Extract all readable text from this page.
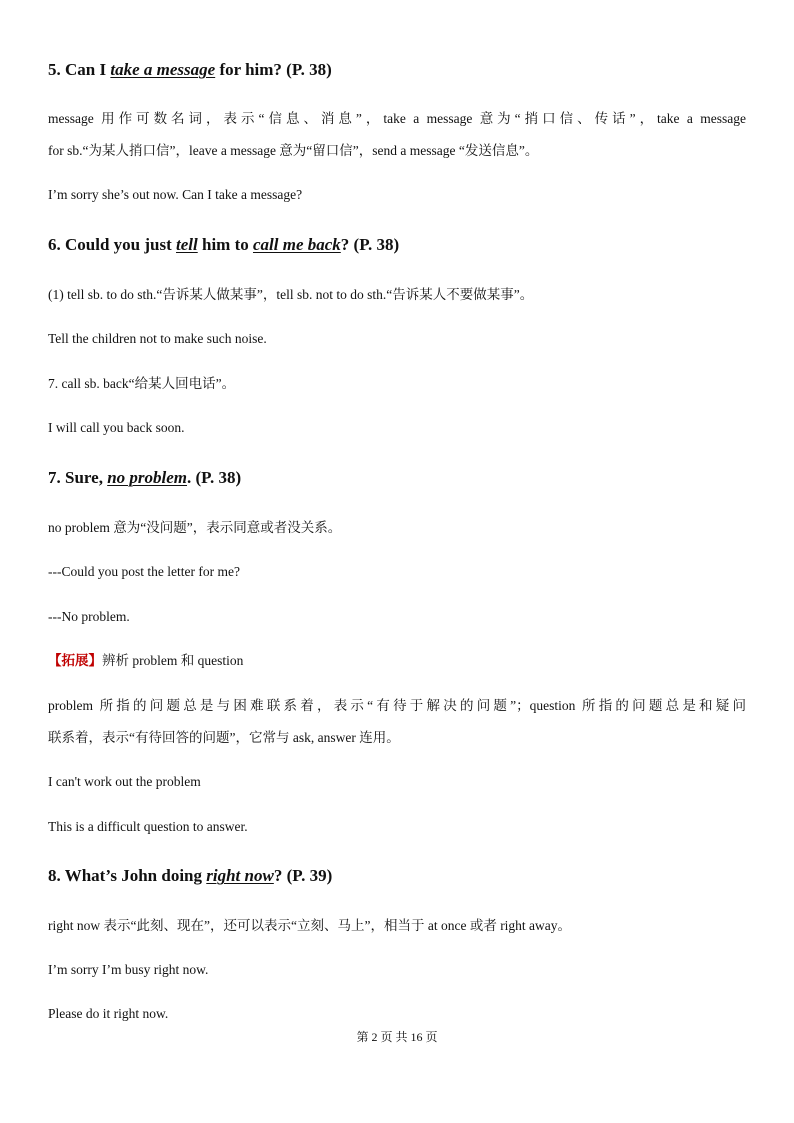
5. Can I take a message for him? (P. 38)
message 用作可数名词，表示“信息、消息”，take a message 意为“捎口信、传话”，take a message
for sb.“为某人捎口信”，leave a message 意为“留口信”，send a message “发送信息”。
I’m sorry she’s out now. Can I take a message?
6. Could you just tell him to call me back? (P. 38)
(1) tell sb. to do sth.“告诉某人做某事”，tell sb. not to do sth.“告诉某人不要做某事”。
Tell the children not to make such noise.
7. call sb. back“给某人回电话”。
I will call you back soon.
7. Sure, no problem. (P. 38)
no problem 意为“没问题”，表示同意或者没关系。
---Could you post the letter for me?
---No problem.
【拓展】辨析 problem 和 question
problem 所指的问题总是与困难联系着，表示“有待于解决的问题”；question 所指的问题总是和疑问
联系着，表示“有待回答的问题”，它常与 ask, answer 连用。
I can't work out the problem
This is a difficult question to answer.
8. What’s John doing right now? (P. 39)
right now 表示“此刻、现在”，还可以表示“立刻、马上”，相当于 at once 或者 right away。
I’m sorry I’m busy right now.
Please do it right now.
第 2 页 共 16 页
